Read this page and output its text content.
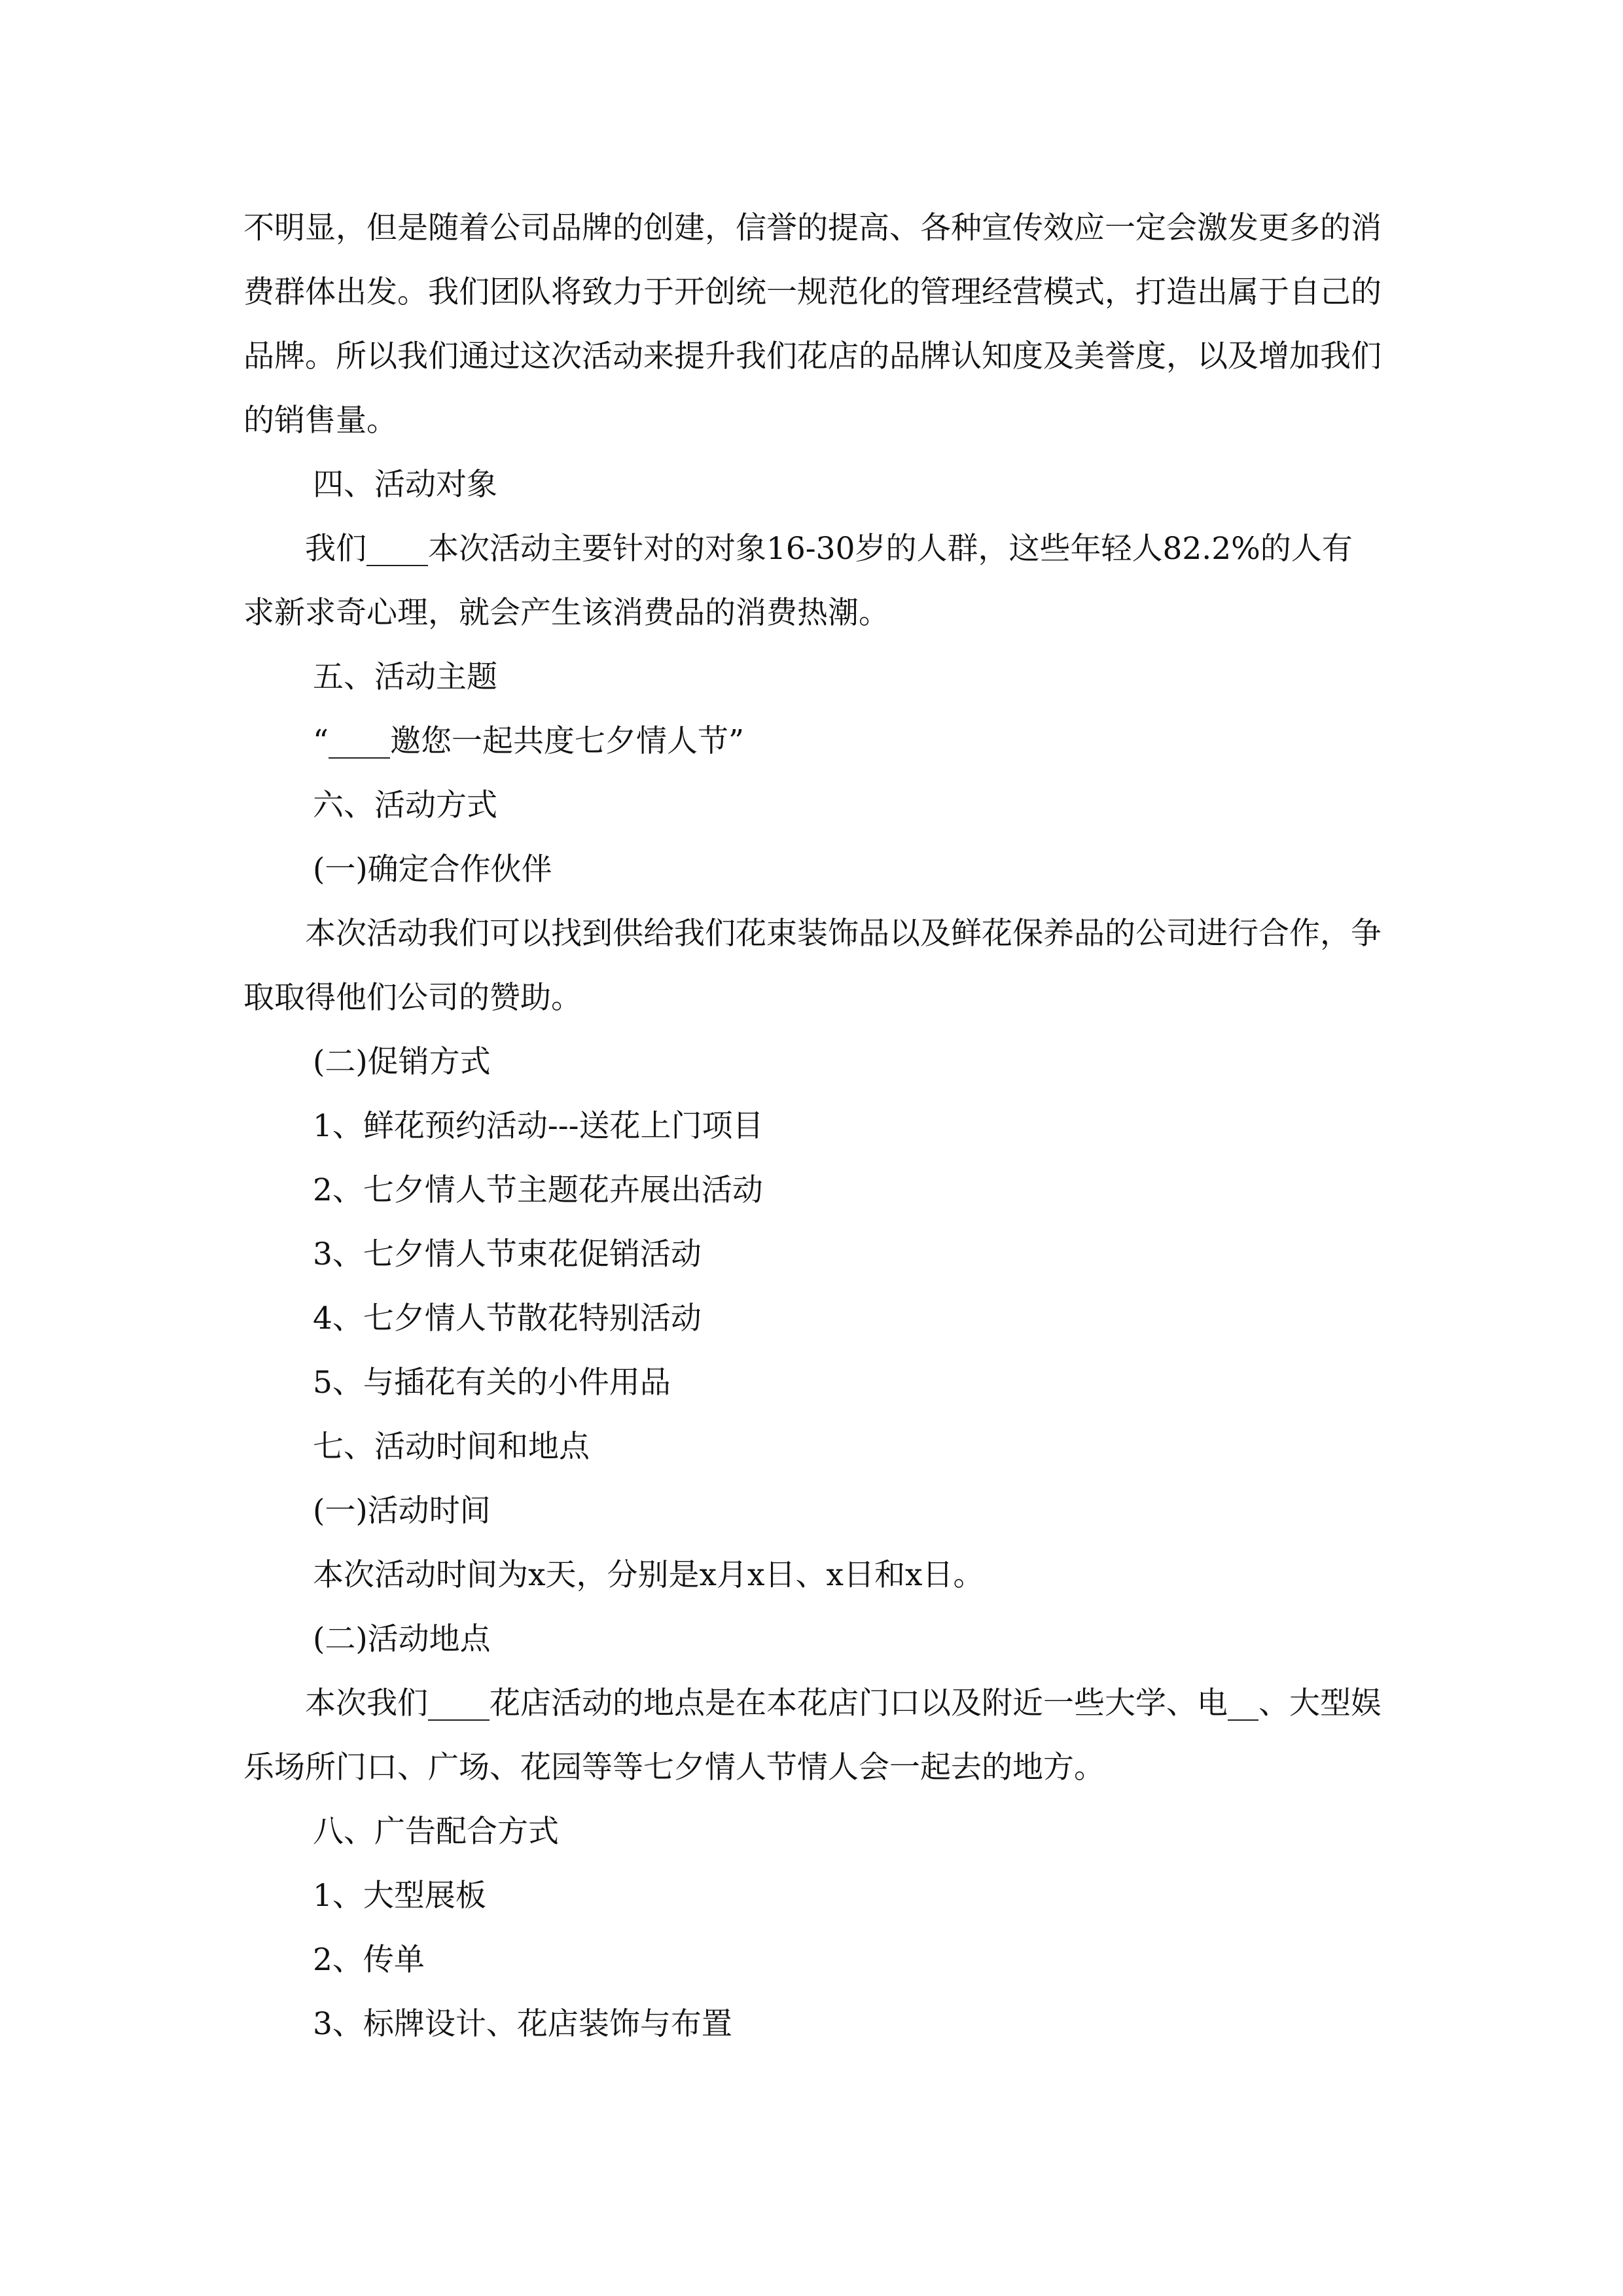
不明显，但是随着公司品牌的创建，信誉的提高、各种宣传效应一定会激发更多的消费群体出发。我们团队将致力于开创统一规范化的管理经营模式，打造出属于自己的品牌。所以我们通过这次活动来提升我们花店的品牌认知度及美誉度，以及增加我们的销售量。

四、活动对象

我们____本次活动主要针对的对象16-30岁的人群，这些年轻人82.2%的人有求新求奇心理，就会产生该消费品的消费热潮。

五、活动主题

“____邀您一起共度七夕情人节”

六、活动方式

(一)确定合作伙伴

本次活动我们可以找到供给我们花束装饰品以及鲜花保养品的公司进行合作，争取取得他们公司的赞助。

(二)促销方式

1、鲜花预约活动---送花上门项目

2、七夕情人节主题花卉展出活动

3、七夕情人节束花促销活动

4、七夕情人节散花特别活动

5、与插花有关的小件用品

七、活动时间和地点

(一)活动时间

本次活动时间为x天，分别是x月x日、x日和x日。

(二)活动地点

本次我们____花店活动的地点是在本花店门口以及附近一些大学、电__、大型娱乐场所门口、广场、花园等等七夕情人节情人会一起去的地方。

八、广告配合方式

1、大型展板

2、传单

3、标牌设计、花店装饰与布置
